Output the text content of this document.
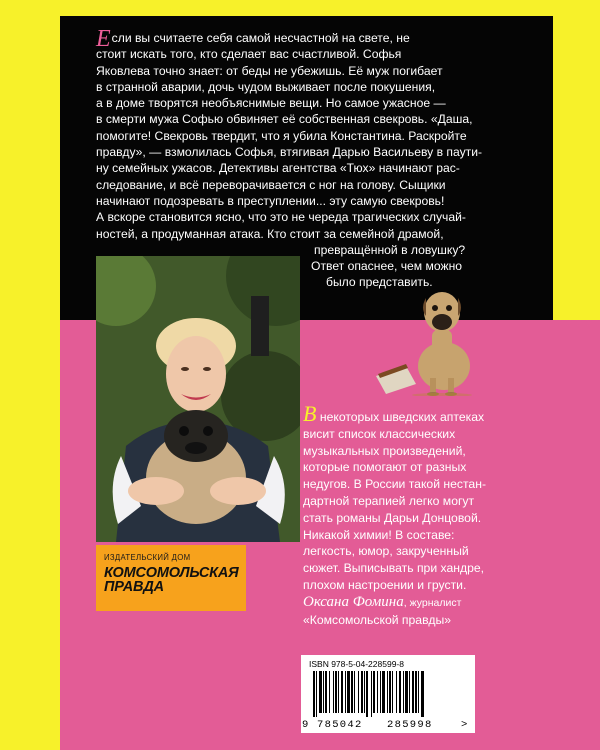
Если вы считаете себя самой несчастной на свете, не
стоит искать того, кто сделает вас счастливой. Софья
Яковлева точно знает: от беды не убежишь. Её муж погибает
в странной аварии, дочь чудом выживает после покушения,
а в доме творятся необъяснимые вещи. Но самое ужасное —
в смерти мужа Софью обвиняет её собственная свекровь. «Даша,
помогите! Свекровь твердит, что я убила Константина. Раскройте
правду», — взмолилась Софья, втягивая Дарью Васильеву в паути-
ну семейных ужасов. Детективы агентства «Тюх» начинают рас-
следование, и всё переворачивается с ног на голову. Сыщики
начинают подозревать в преступлении... эту самую свекровь!
А вскоре становится ясно, что это не череда трагических случай-
ностей, а продуманная атака. Кто стоит за семейной драмой,
превращённой в ловушку?
Ответ опаснее, чем можно
было представить.
В некоторых шведских аптеках
висит список классических
музыкальных произведений,
которые помогают от разных
недугов. В России такой нестан-
дартной терапией легко могут
стать романы Дарьи Донцовой.
Никакой химии! В составе:
легкость, юмор, закрученный
сюжет. Выписывать при хандре,
плохом настроении и грусти.
Оксана Фомина, журналист
«Комсомольской правды»
ИЗДАТЕЛЬСКИЙ ДОМ
КОМСОМОЛЬСКАЯ
ПРАВДА
ISBN 978-5-04-228599-8
9 785042 285998	>
